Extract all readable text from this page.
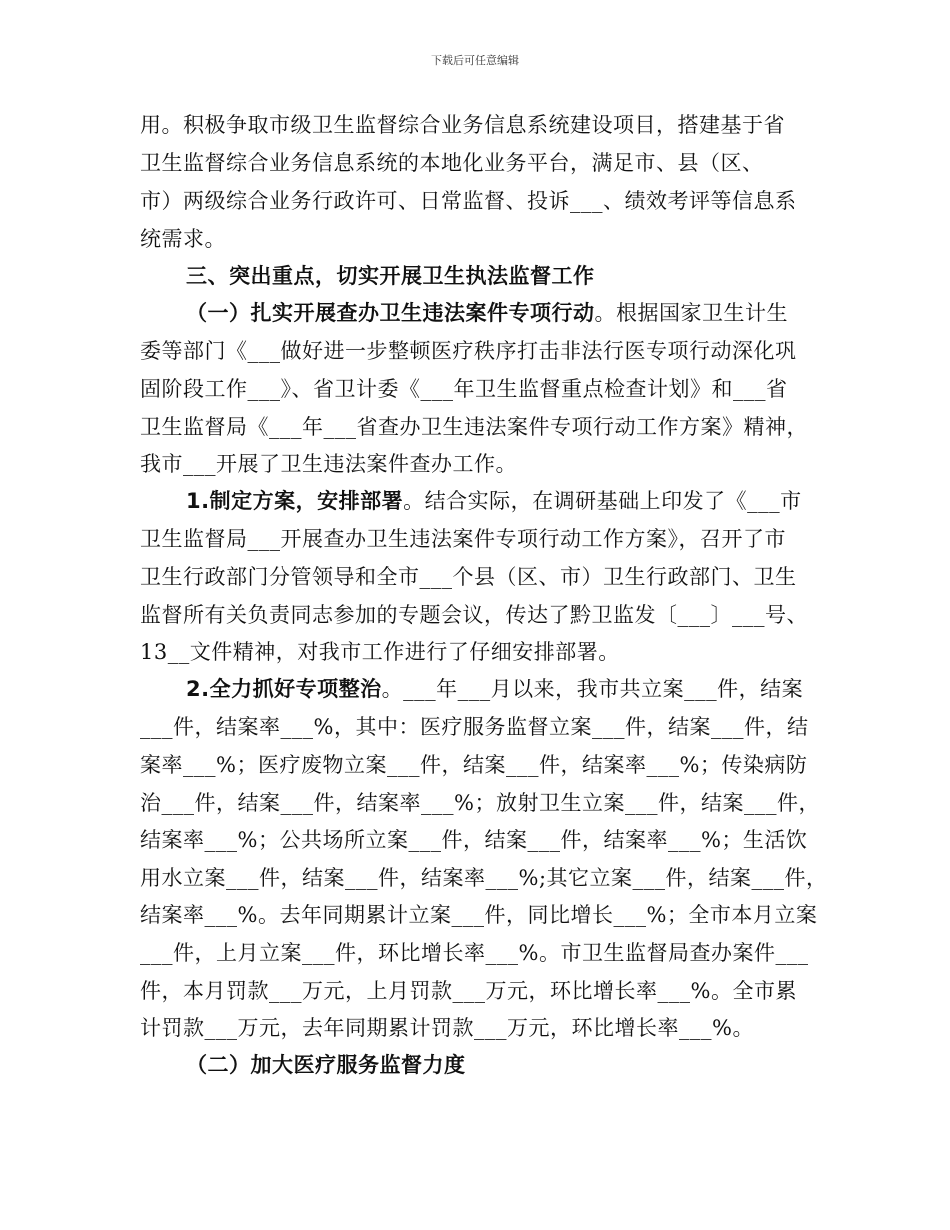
下载后可任意编辑
用。积极争取市级卫生监督综合业务信息系统建设项目，搭建基于省
卫生监督综合业务信息系统的本地化业务平台，满足市、县（区、
市）两级综合业务行政许可、日常监督、投诉___、绩效考评等信息系
统需求。
三、突出重点，切实开展卫生执法监督工作
（一）扎实开展查办卫生违法案件专项行动。根据国家卫生计生
委等部门《___做好进一步整顿医疗秩序打击非法行医专项行动深化巩
固阶段工作___》、省卫计委《___年卫生监督重点检查计划》和___省
卫生监督局《___年___省查办卫生违法案件专项行动工作方案》精神，
我市___开展了卫生违法案件查办工作。
1.制定方案，安排部署。结合实际，在调研基础上印发了《___市
卫生监督局___开展查办卫生违法案件专项行动工作方案》，召开了市
卫生行政部门分管领导和全市___个县（区、市）卫生行政部门、卫生
监督所有关负责同志参加的专题会议，传达了黔卫监发〔___〕___号、
13__文件精神，对我市工作进行了仔细安排部署。
2.全力抓好专项整治。___年___月以来，我市共立案___件，结案
___件，结案率___%，其中：医疗服务监督立案___件，结案___件，结
案率___%；医疗废物立案___件，结案___件，结案率___%；传染病防
治___件，结案___件，结案率___%；放射卫生立案___件，结案___件，
结案率___%；公共场所立案___件，结案___件，结案率___%；生活饮
用水立案___件，结案___件，结案率___%;其它立案___件，结案___件，
结案率___%。去年同期累计立案___件，同比增长___%；全市本月立案
___件，上月立案___件，环比增长率___%。市卫生监督局查办案件___
件，本月罚款___万元，上月罚款___万元，环比增长率___%。全市累
计罚款___万元，去年同期累计罚款___万元，环比增长率___%。
（二）加大医疗服务监督力度
